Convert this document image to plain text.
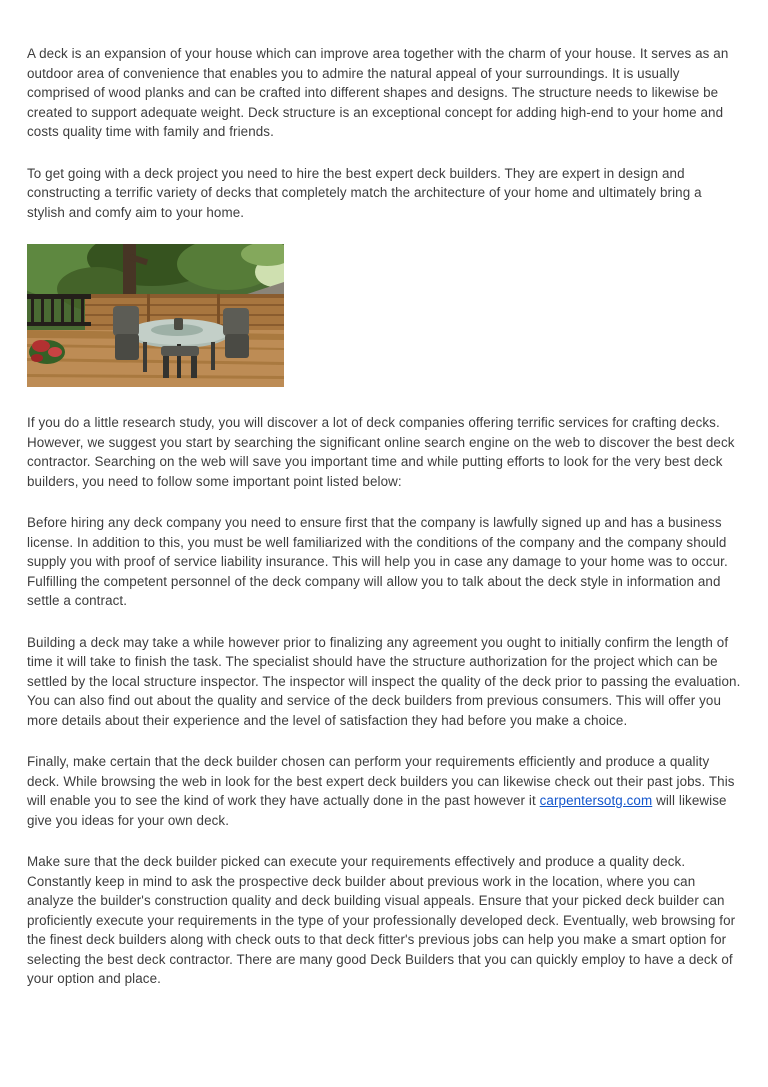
A deck is an expansion of your house which can improve area together with the charm of your house. It serves as an outdoor area of convenience that enables you to admire the natural appeal of your surroundings. It is usually comprised of wood planks and can be crafted into different shapes and designs. The structure needs to likewise be created to support adequate weight. Deck structure is an exceptional concept for adding high-end to your home and costs quality time with family and friends.

To get going with a deck project you need to hire the best expert deck builders. They are expert in design and constructing a terrific variety of decks that completely match the architecture of your home and ultimately bring a stylish and comfy aim to your home.

If you do a little research study, you will discover a lot of deck companies offering terrific services for crafting decks. However, we suggest you start by searching the significant online search engine on the web to discover the best deck contractor. Searching on the web will save you important time and while putting efforts to look for the very best deck builders, you need to follow some important point listed below:

Before hiring any deck company you need to ensure first that the company is lawfully signed up and has a business license. In addition to this, you must be well familiarized with the conditions of the company and the company should supply you with proof of service liability insurance. This will help you in case any damage to your home was to occur. Fulfilling the competent personnel of the deck company will allow you to talk about the deck style in information and settle a contract.

Building a deck may take a while however prior to finalizing any agreement you ought to initially confirm the length of time it will take to finish the task. The specialist should have the structure authorization for the project which can be settled by the local structure inspector. The inspector will inspect the quality of the deck prior to passing the evaluation. You can also find out about the quality and service of the deck builders from previous consumers. This will offer you more details about their experience and the level of satisfaction they had before you make a choice.

Finally, make certain that the deck builder chosen can perform your requirements efficiently and produce a quality deck. While browsing the web in look for the best expert deck builders you can likewise check out their past jobs. This will enable you to see the kind of work they have actually done in the past however it carpentersotg.com will likewise give you ideas for your own deck.

Make sure that the deck builder picked can execute your requirements effectively and produce a quality deck. Constantly keep in mind to ask the prospective deck builder about previous work in the location, where you can analyze the builder's construction quality and deck building visual appeals. Ensure that your picked deck builder can proficiently execute your requirements in the type of your professionally developed deck. Eventually, web browsing for the finest deck builders along with check outs to that deck fitter's previous jobs can help you make a smart option for selecting the best deck contractor. There are many good Deck Builders that you can quickly employ to have a deck of your option and place.
